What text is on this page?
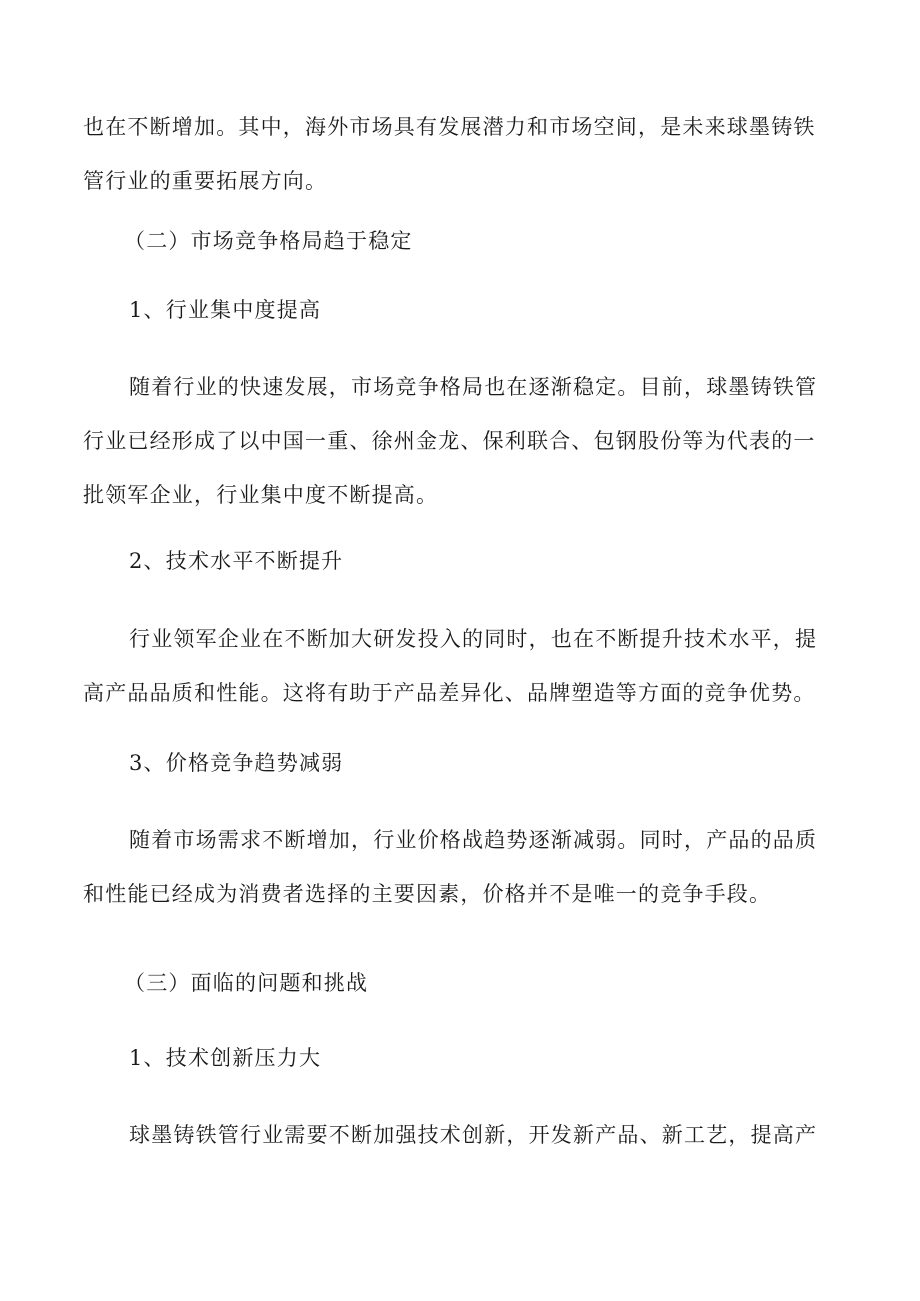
也在不断增加。其中，海外市场具有发展潜力和市场空间，是未来球墨铸铁
管行业的重要拓展方向。
（二）市场竞争格局趋于稳定
1、行业集中度提高
随着行业的快速发展，市场竞争格局也在逐渐稳定。目前，球墨铸铁管
行业已经形成了以中国一重、徐州金龙、保利联合、包钢股份等为代表的一
批领军企业，行业集中度不断提高。
2、技术水平不断提升
行业领军企业在不断加大研发投入的同时，也在不断提升技术水平，提
高产品品质和性能。这将有助于产品差异化、品牌塑造等方面的竞争优势。
3、价格竞争趋势减弱
随着市场需求不断增加，行业价格战趋势逐渐减弱。同时，产品的品质
和性能已经成为消费者选择的主要因素，价格并不是唯一的竞争手段。
（三）面临的问题和挑战
1、技术创新压力大
球墨铸铁管行业需要不断加强技术创新，开发新产品、新工艺，提高产
